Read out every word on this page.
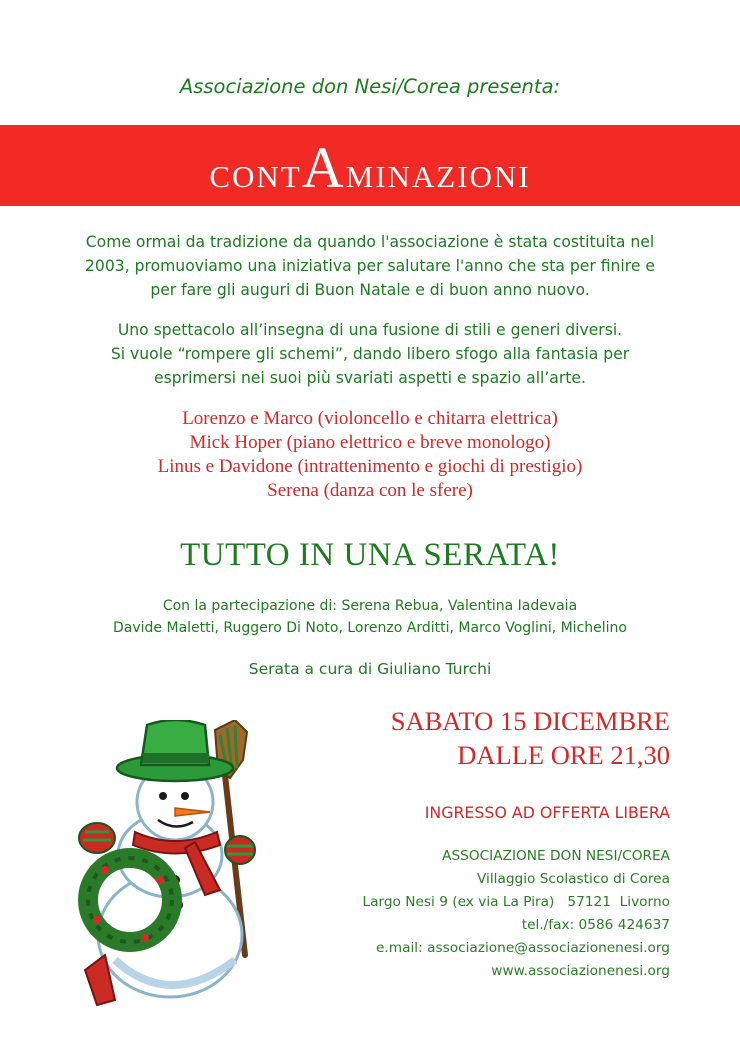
Associazione don Nesi/Corea presenta:
contAminazioni
Come ormai da tradizione da quando l'associazione è stata costituita nel
2003, promuoviamo una iniziativa per salutare l'anno che sta per finire e
per fare gli auguri di Buon Natale e di buon anno nuovo.
Uno spettacolo all’insegna di una fusione di stili e generi diversi.
Si vuole “rompere gli schemi”, dando libero sfogo alla fantasia per
esprimersi nei suoi più svariati aspetti e spazio all’arte.
Lorenzo e Marco (violoncello e chitarra elettrica)
Mick Hoper (piano elettrico e breve monologo)
Linus e Davidone (intrattenimento e giochi di prestigio)
Serena (danza con le sfere)
TUTTO IN UNA SERATA!
Con la partecipazione di: Serena Rebua, Valentina Iadevaia
Davide Maletti, Ruggero Di Noto, Lorenzo Arditti, Marco Voglini, Michelino
Serata a cura di Giuliano Turchi
SABATO 15 DICEMBRE
DALLE ORE 21,30
INGRESSO AD OFFERTA LIBERA
ASSOCIAZIONE DON NESI/COREA
Villaggio Scolastico di Corea
Largo Nesi 9 (ex via La Pira)   57121  Livorno
tel./fax: 0586 424637
e.mail: associazione@associazionenesi.org
www.associazionenesi.org
